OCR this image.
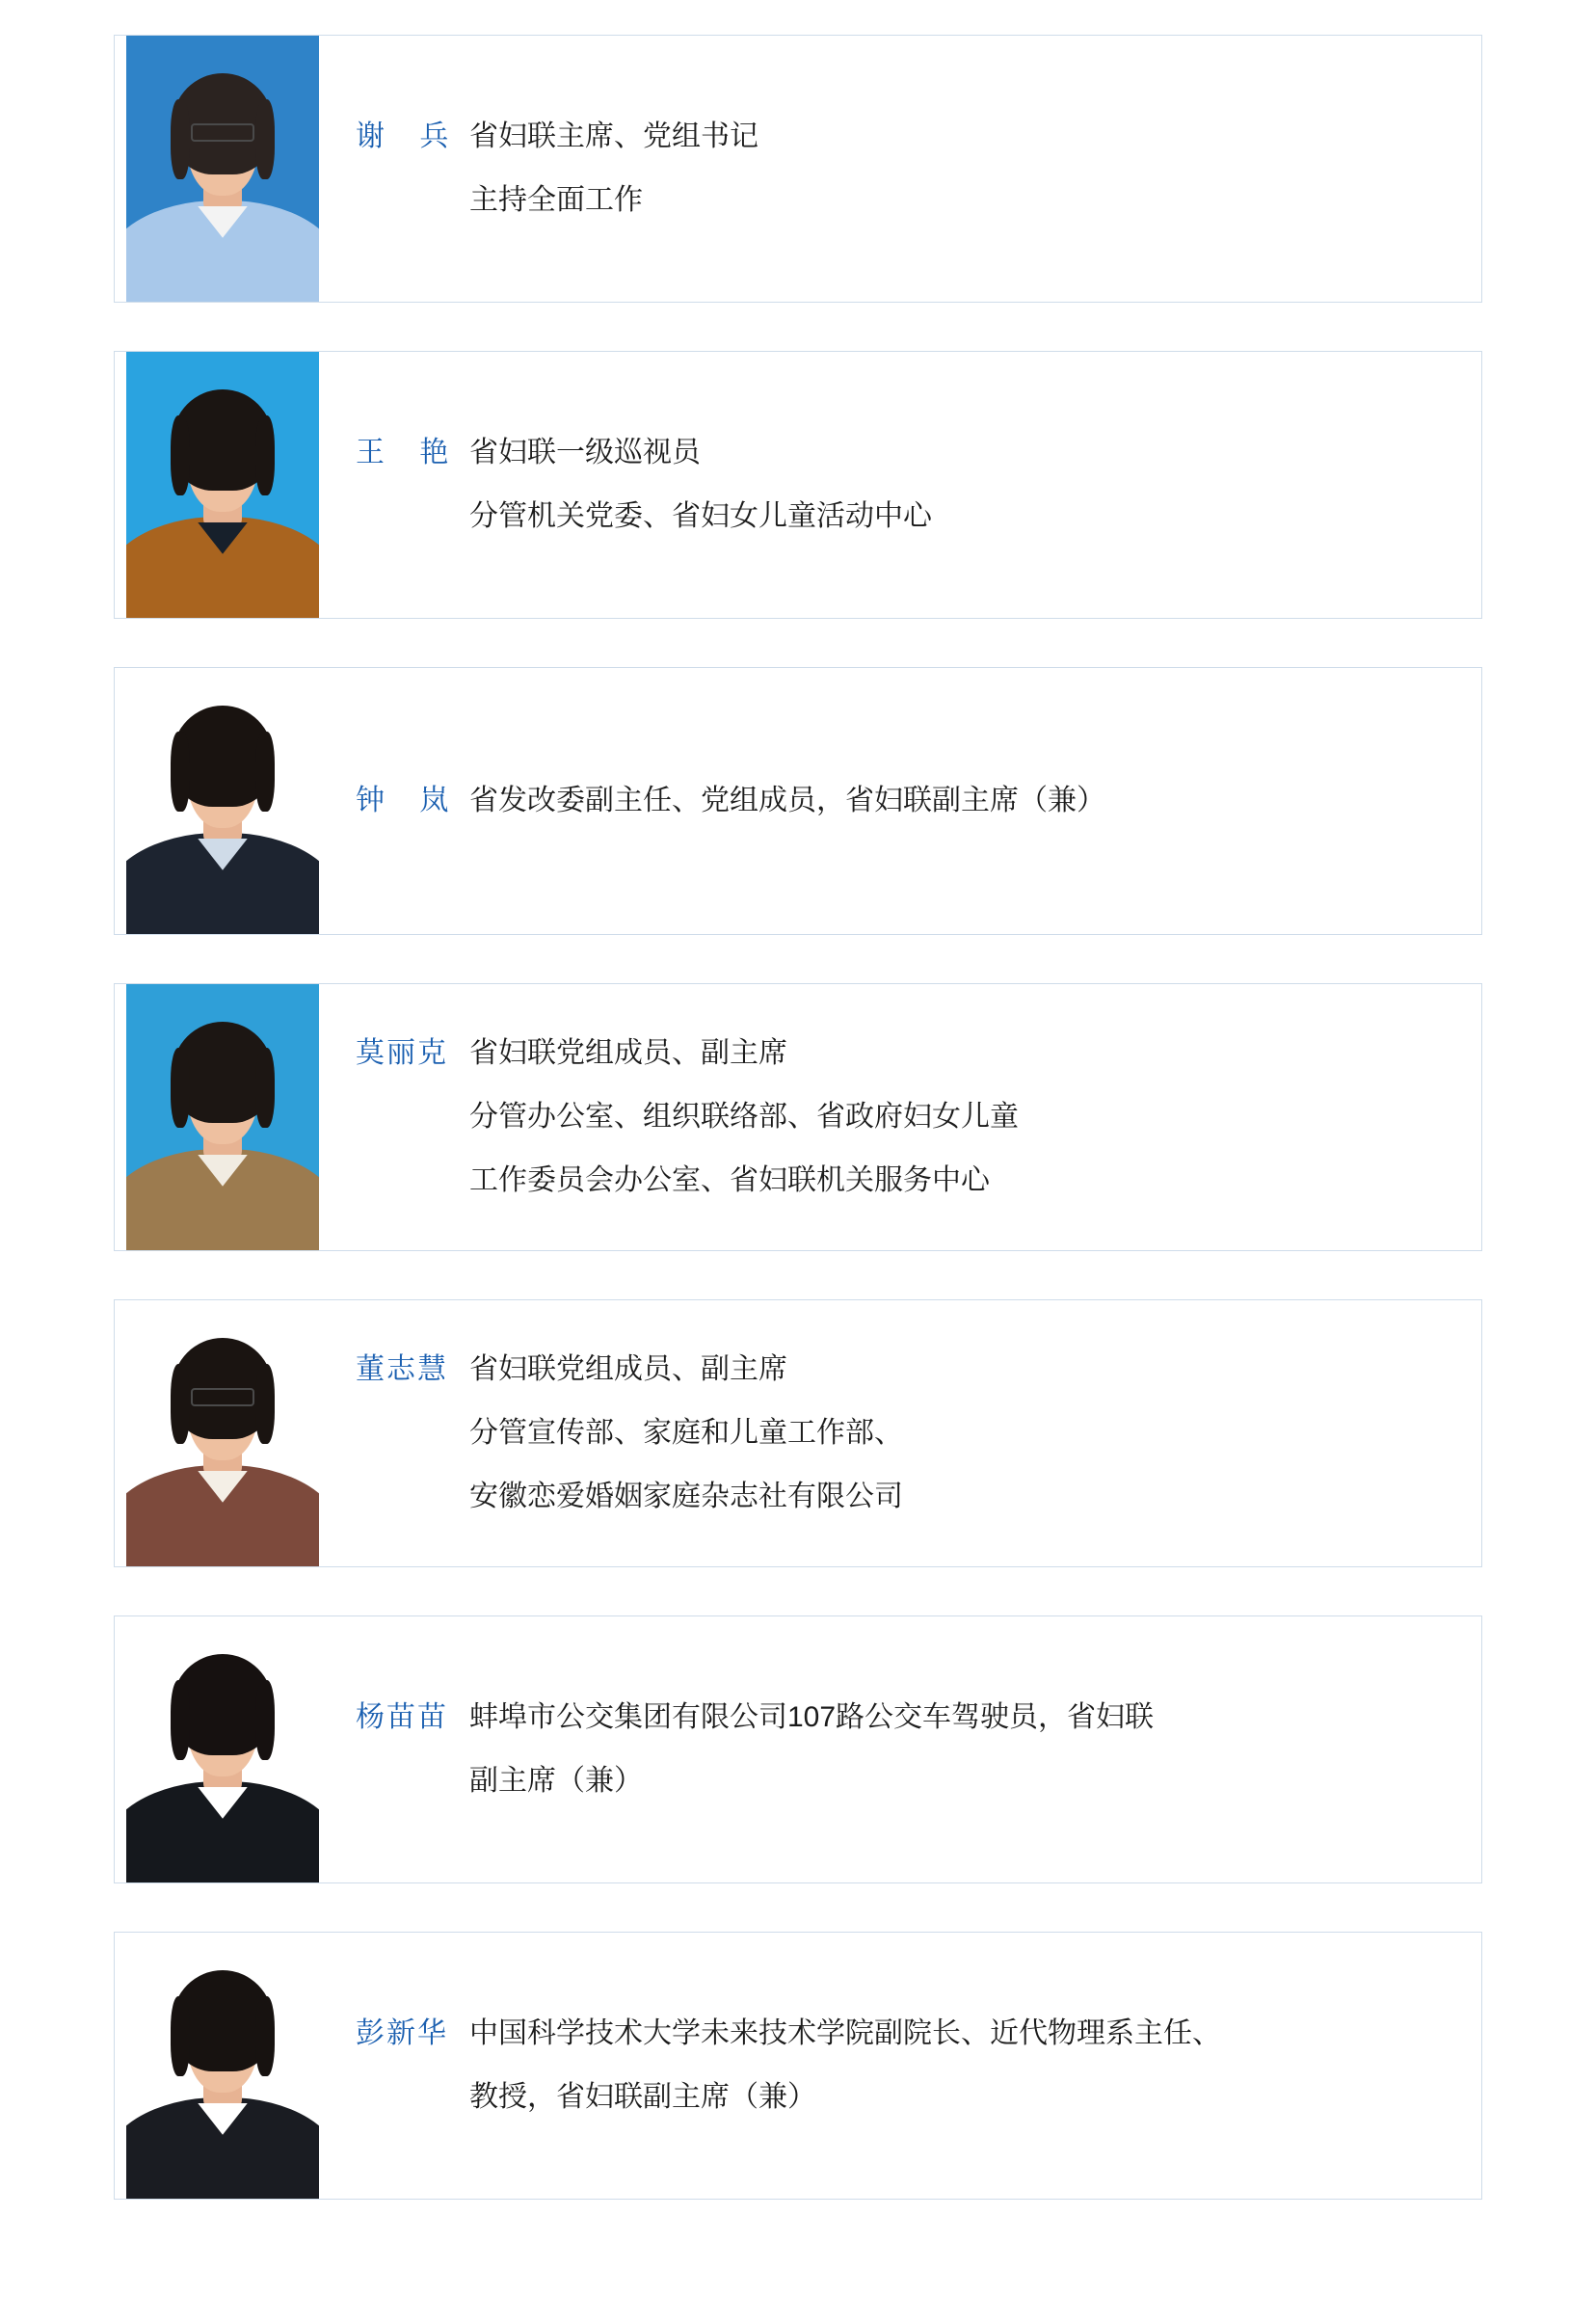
谢 兵 省妇联主席、党组书记
主持全面工作
王 艳 省妇联一级巡视员
分管机关党委、省妇女儿童活动中心
钟 岚 省发改委副主任、党组成员，省妇联副主席（兼）
莫丽克 省妇联党组成员、副主席
分管办公室、组织联络部、省政府妇女儿童
工作委员会办公室、省妇联机关服务中心
董志慧 省妇联党组成员、副主席
分管宣传部、家庭和儿童工作部、
安徽恋爱婚姻家庭杂志社有限公司
杨苗苗 蚌埠市公交集团有限公司107路公交车驾驶员，省妇联
副主席（兼）
彭新华 中国科学技术大学未来技术学院副院长、近代物理系主任、
教授，省妇联副主席（兼）
